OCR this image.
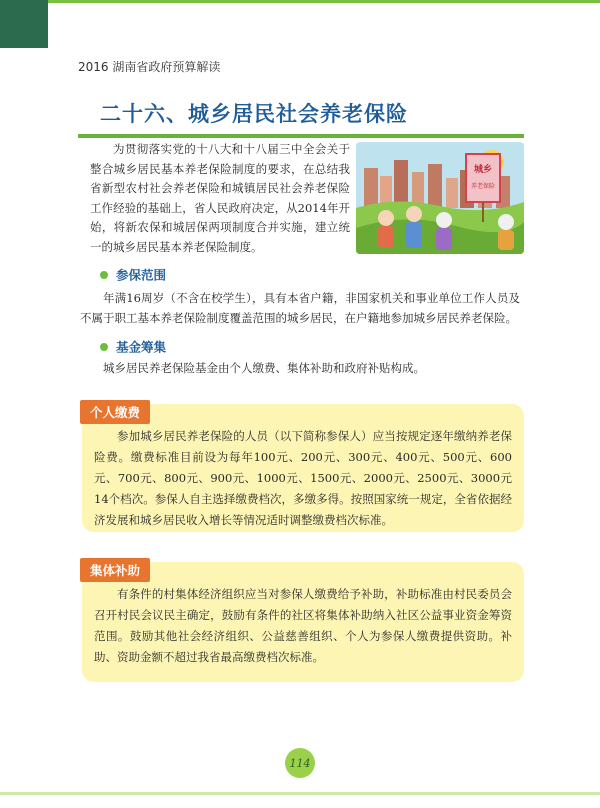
2016 湖南省政府预算解读
二十六、城乡居民社会养老保险
为贯彻落实党的十八大和十八届三中全会关于整合城乡居民基本养老保险制度的要求，在总结我省新型农村社会养老保险和城镇居民社会养老保险工作经验的基础上，省人民政府决定，从2014年开始，将新农保和城居保两项制度合并实施，建立统一的城乡居民基本养老保险制度。
城乡
养老保险
参保范围
年满16周岁（不含在校学生），具有本省户籍，非国家机关和事业单位工作人员及不属于职工基本养老保险制度覆盖范围的城乡居民，在户籍地参加城乡居民养老保险。
基金筹集
城乡居民养老保险基金由个人缴费、集体补助和政府补贴构成。
个人缴费
参加城乡居民养老保险的人员（以下简称参保人）应当按规定逐年缴纳养老保险费。缴费标准目前设为每年100元、200元、300元、400元、500元、600元、700元、800元、900元、1000元、1500元、2000元、2500元、3000元14个档次。参保人自主选择缴费档次，多缴多得。按照国家统一规定，全省依据经济发展和城乡居民收入增长等情况适时调整缴费档次标准。
集体补助
有条件的村集体经济组织应当对参保人缴费给予补助，补助标准由村民委员会召开村民会议民主确定，鼓励有条件的社区将集体补助纳入社区公益事业资金筹资范围。鼓励其他社会经济组织、公益慈善组织、个人为参保人缴费提供资助。补助、资助金额不超过我省最高缴费档次标准。
114
